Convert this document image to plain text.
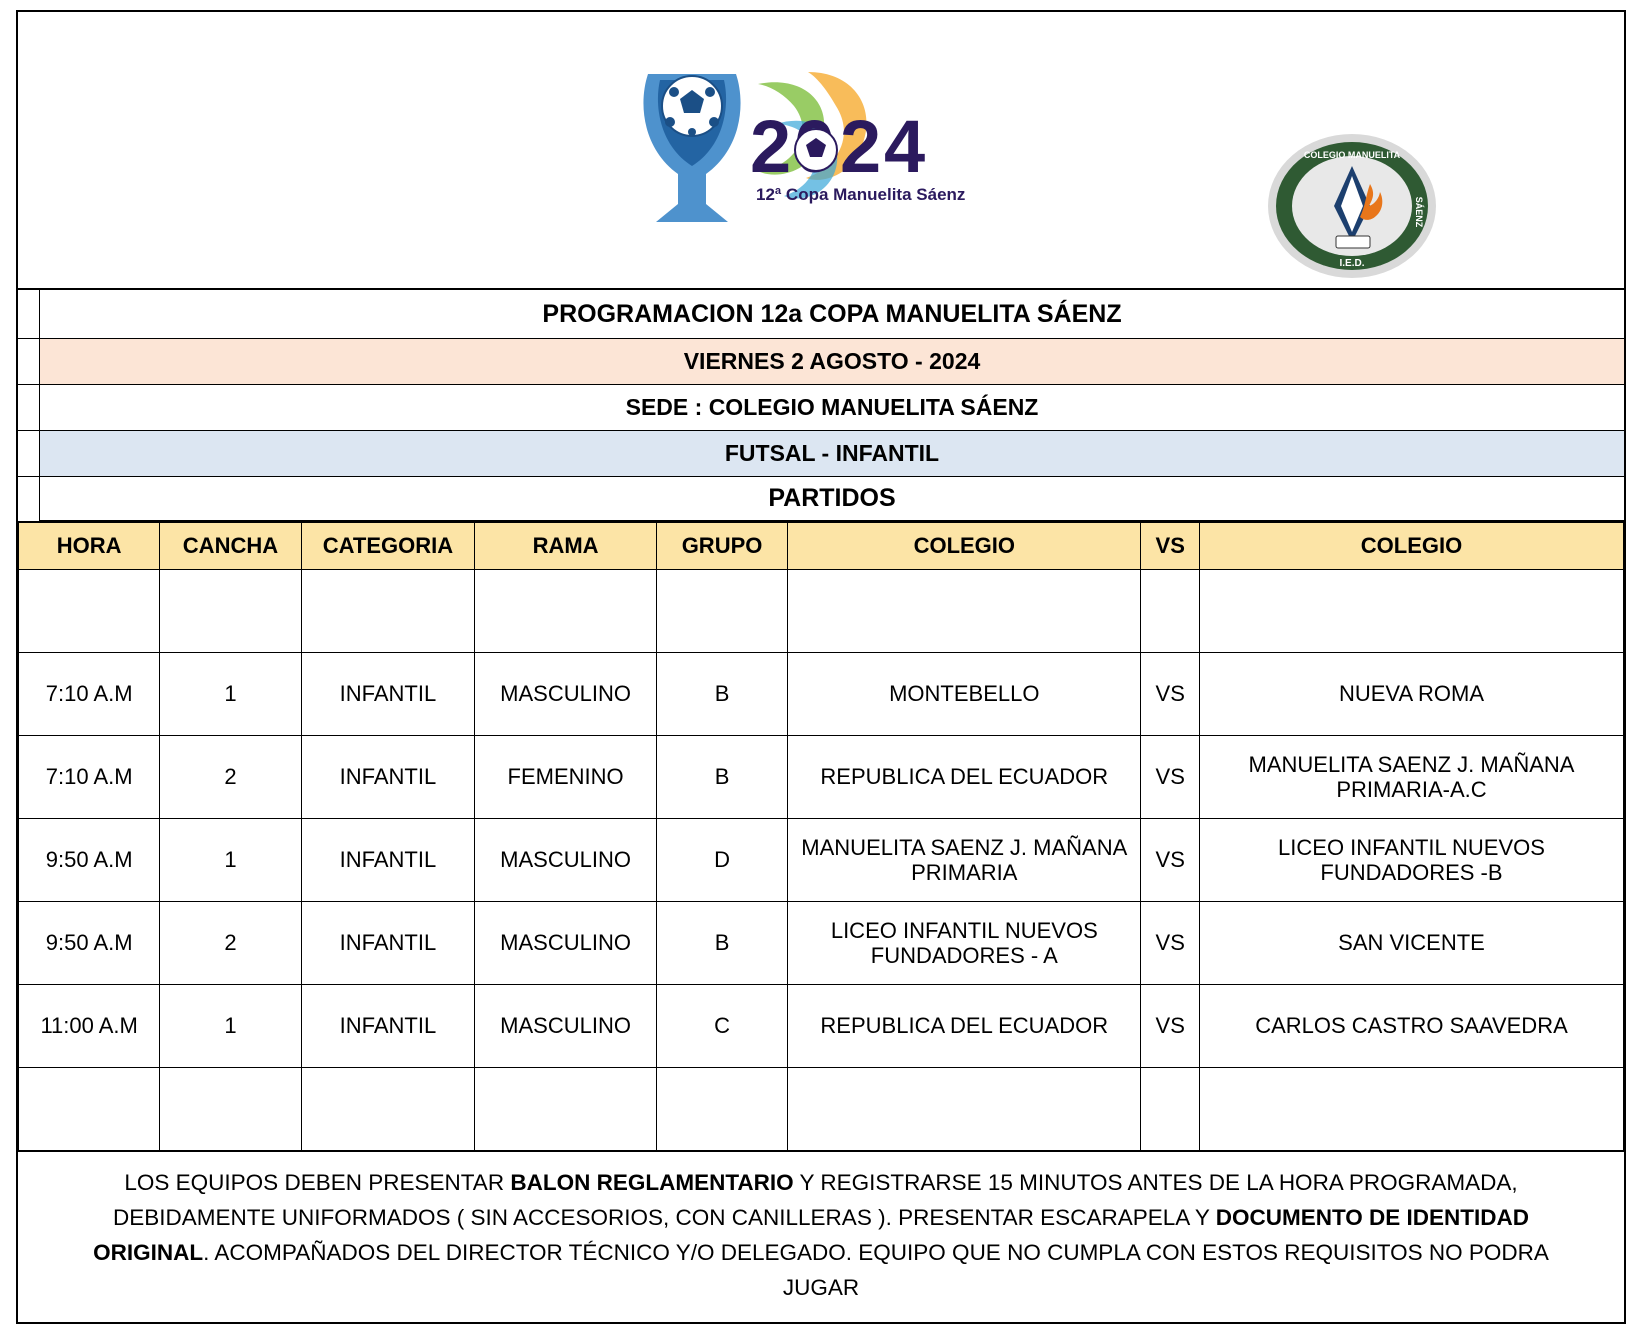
2 2 4
12ª Copa Manuelita Sáenz
COLEGIO MANUELITA
I.E.D.
SÁENZ
PROGRAMACION 12a COPA MANUELITA SÁENZ
VIERNES 2 AGOSTO - 2024
SEDE : COLEGIO MANUELITA SÁENZ
FUTSAL - INFANTIL
PARTIDOS
HORA	CANCHA	CATEGORIA	RAMA	GRUPO	COLEGIO	VS	COLEGIO

7:10 A.M	1	INFANTIL	MASCULINO	B	MONTEBELLO	VS	NUEVA ROMA
7:10 A.M	2	INFANTIL	FEMENINO	B	REPUBLICA DEL ECUADOR	VS	MANUELITA SAENZ J. MAÑANA PRIMARIA-A.C
9:50 A.M	1	INFANTIL	MASCULINO	D	MANUELITA SAENZ J. MAÑANA PRIMARIA	VS	LICEO INFANTIL NUEVOS FUNDADORES -B
9:50 A.M	2	INFANTIL	MASCULINO	B	LICEO INFANTIL NUEVOS FUNDADORES - A	VS	SAN VICENTE
11:00 A.M	1	INFANTIL	MASCULINO	C	REPUBLICA DEL ECUADOR	VS	CARLOS CASTRO SAAVEDRA

LOS EQUIPOS DEBEN PRESENTAR BALON REGLAMENTARIO Y REGISTRARSE 15 MINUTOS ANTES DE LA HORA PROGRAMADA, DEBIDAMENTE UNIFORMADOS ( SIN ACCESORIOS, CON CANILLERAS ). PRESENTAR ESCARAPELA Y DOCUMENTO DE IDENTIDAD ORIGINAL. ACOMPAÑADOS DEL DIRECTOR TÉCNICO Y/O DELEGADO. EQUIPO QUE NO CUMPLA CON ESTOS REQUISITOS NO PODRA JUGAR
